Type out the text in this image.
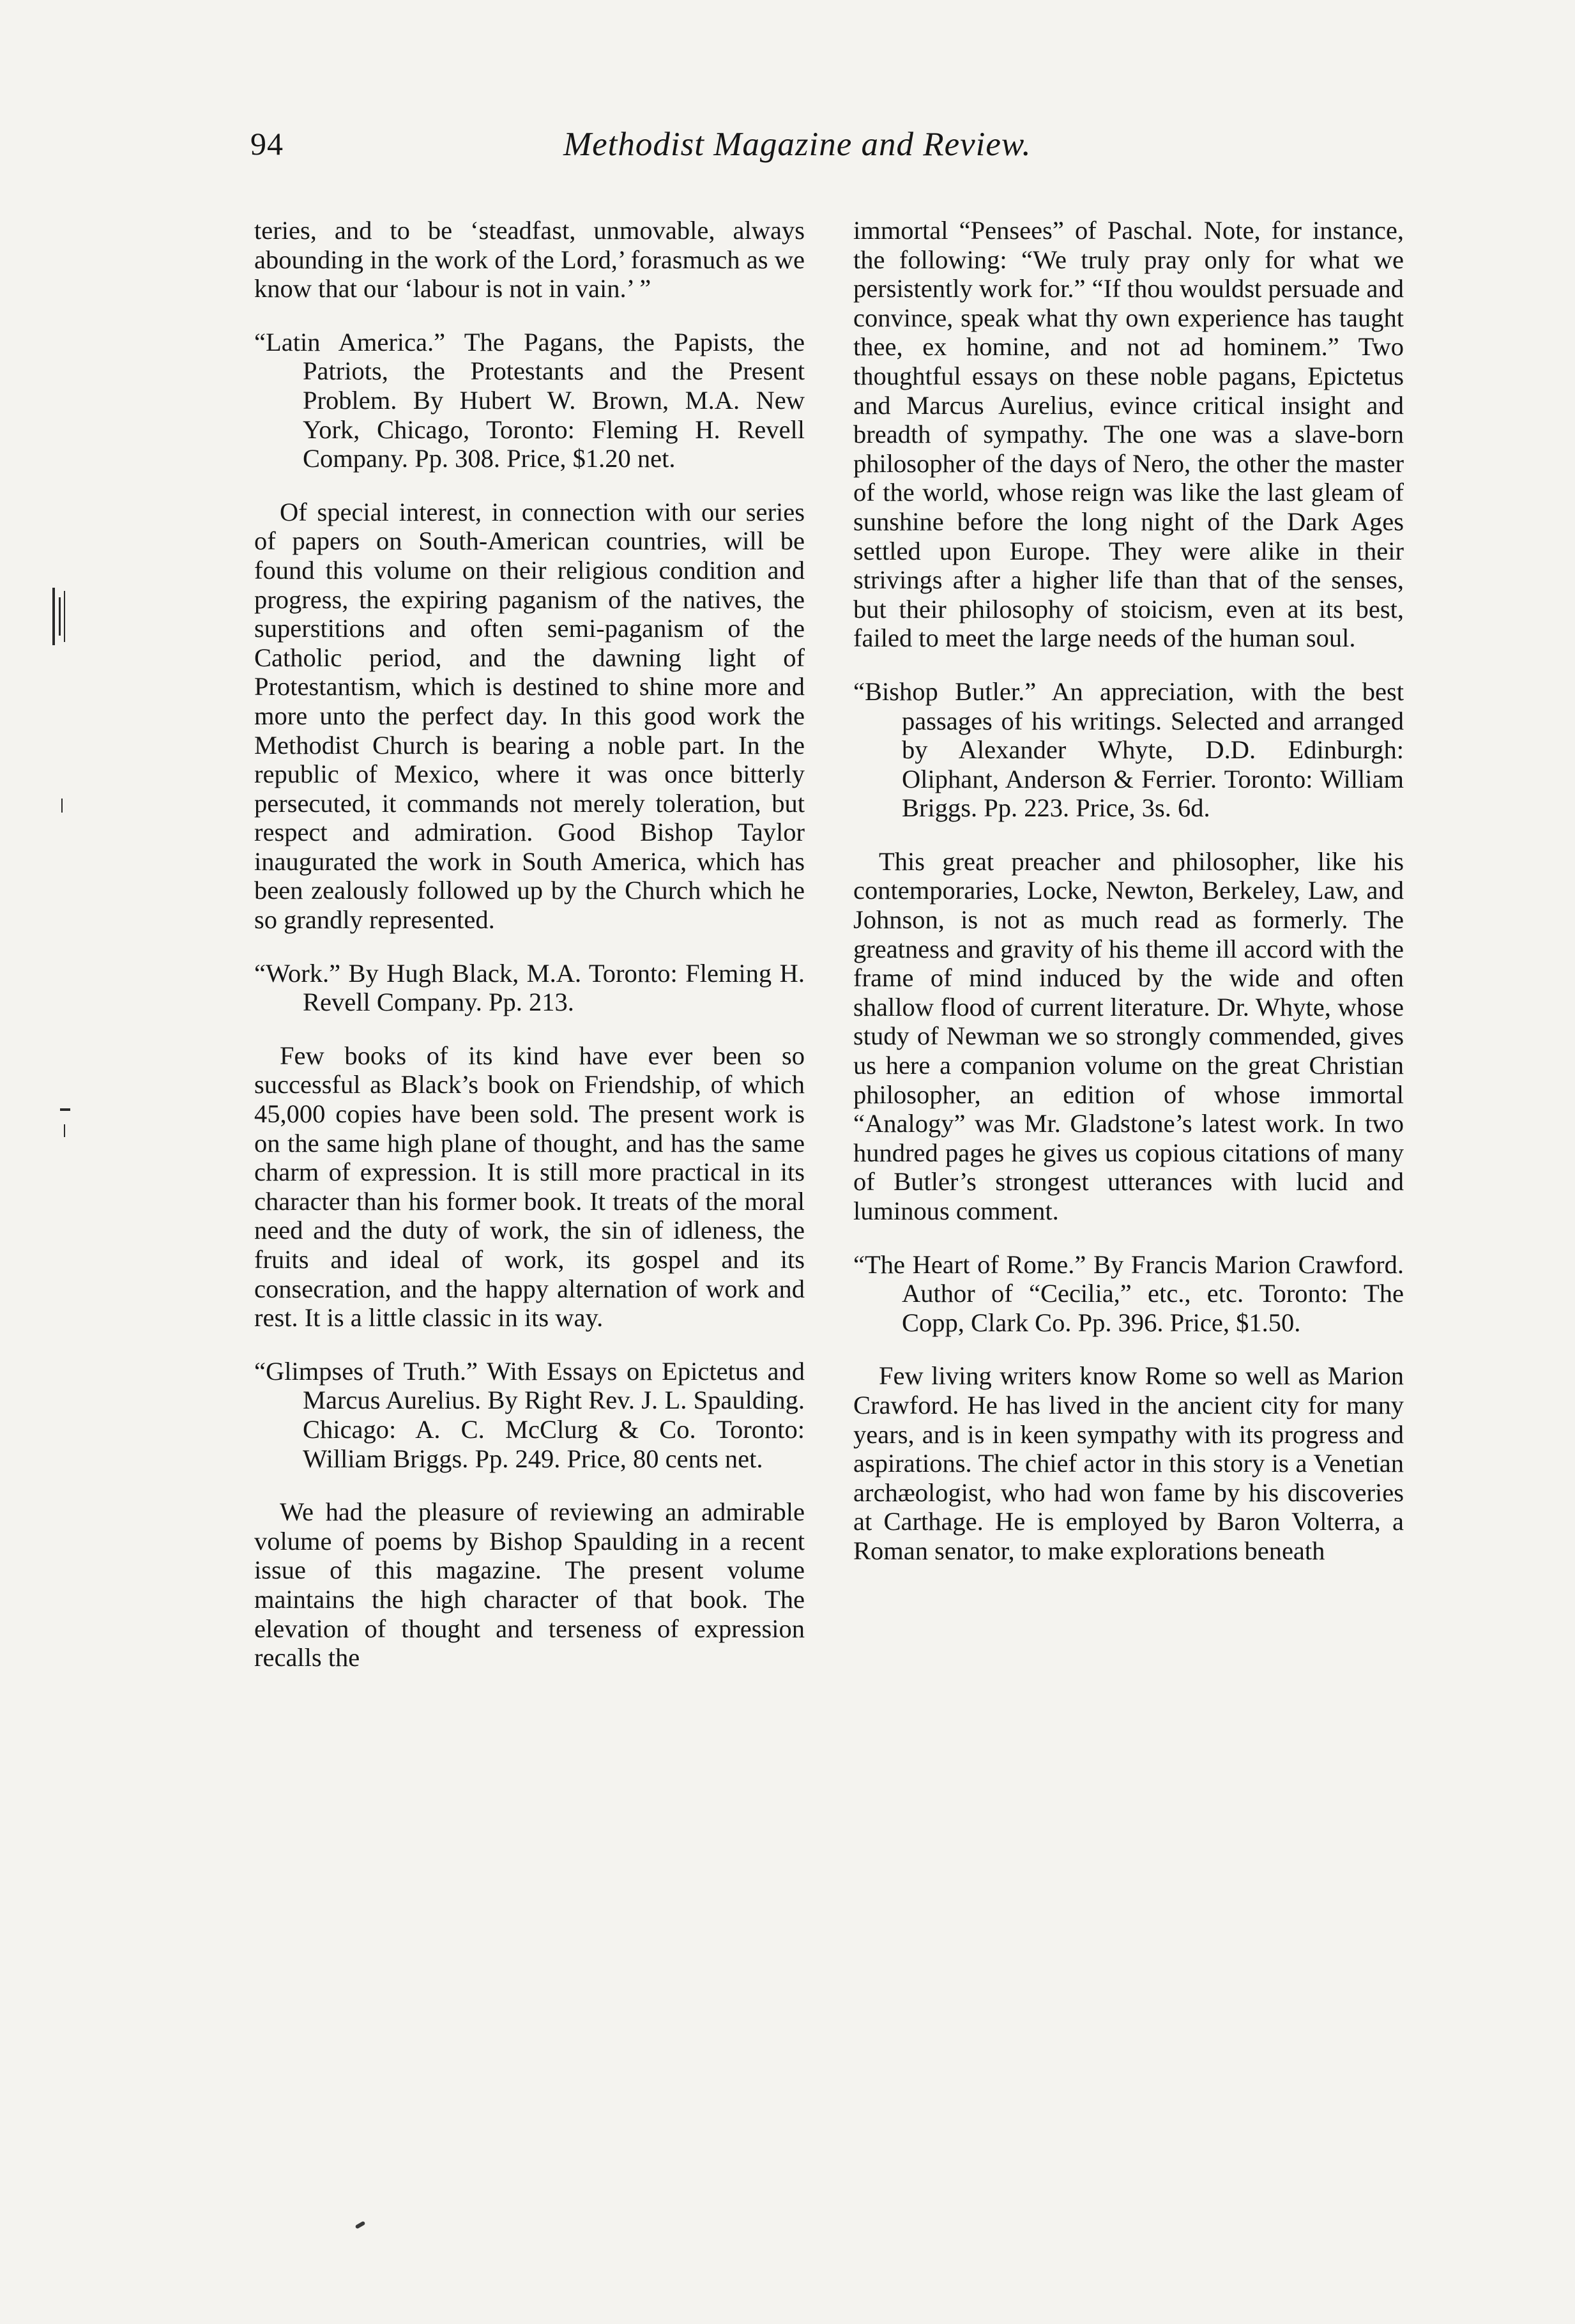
94	Methodist Magazine and Review.

teries, and to be ‘steadfast, unmovable, always abounding in the work of the Lord,’ forasmuch as we know that our ‘labour is not in vain.’ ”

“Latin America.” The Pagans, the Papists, the Patriots, the Protestants and the Present Problem. By Hubert W. Brown, M.A. New York, Chicago, Toronto: Fleming H. Revell Company. Pp. 308. Price, $1.20 net.

Of special interest, in connection with our series of papers on South-American countries, will be found this volume on their religious condition and progress, the expiring paganism of the natives, the superstitions and often semi-paganism of the Catholic period, and the dawning light of Protestantism, which is destined to shine more and more unto the perfect day. In this good work the Methodist Church is bearing a noble part. In the republic of Mexico, where it was once bitterly persecuted, it commands not merely toleration, but respect and admiration. Good Bishop Taylor inaugurated the work in South America, which has been zealously followed up by the Church which he so grandly represented.

“Work.” By Hugh Black, M.A. Toronto: Fleming H. Revell Company. Pp. 213.

Few books of its kind have ever been so successful as Black’s book on Friendship, of which 45,000 copies have been sold. The present work is on the same high plane of thought, and has the same charm of expression. It is still more practical in its character than his former book. It treats of the moral need and the duty of work, the sin of idleness, the fruits and ideal of work, its gospel and its consecration, and the happy alternation of work and rest. It is a little classic in its way.

“Glimpses of Truth.” With Essays on Epictetus and Marcus Aurelius. By Right Rev. J. L. Spaulding. Chicago: A. C. McClurg & Co. Toronto: William Briggs. Pp. 249. Price, 80 cents net.

We had the pleasure of reviewing an admirable volume of poems by Bishop Spaulding in a recent issue of this magazine. The present volume maintains the high character of that book. The elevation of thought and terseness of expression recalls the

immortal “Pensees” of Paschal. Note, for instance, the following: “We truly pray only for what we persistently work for.” “If thou wouldst persuade and convince, speak what thy own experience has taught thee, ex homine, and not ad hominem.” Two thoughtful essays on these noble pagans, Epictetus and Marcus Aurelius, evince critical insight and breadth of sympathy. The one was a slave-born philosopher of the days of Nero, the other the master of the world, whose reign was like the last gleam of sunshine before the long night of the Dark Ages settled upon Europe. They were alike in their strivings after a higher life than that of the senses, but their philosophy of stoicism, even at its best, failed to meet the large needs of the human soul.

“Bishop Butler.” An appreciation, with the best passages of his writings. Selected and arranged by Alexander Whyte, D.D. Edinburgh: Oliphant, Anderson & Ferrier. Toronto: William Briggs. Pp. 223. Price, 3s. 6d.

This great preacher and philosopher, like his contemporaries, Locke, Newton, Berkeley, Law, and Johnson, is not as much read as formerly. The greatness and gravity of his theme ill accord with the frame of mind induced by the wide and often shallow flood of current literature. Dr. Whyte, whose study of Newman we so strongly commended, gives us here a companion volume on the great Christian philosopher, an edition of whose immortal “Analogy” was Mr. Gladstone’s latest work. In two hundred pages he gives us copious citations of many of Butler’s strongest utterances with lucid and luminous comment.

“The Heart of Rome.” By Francis Marion Crawford. Author of “Cecilia,” etc., etc. Toronto: The Copp, Clark Co. Pp. 396. Price, $1.50.

Few living writers know Rome so well as Marion Crawford. He has lived in the ancient city for many years, and is in keen sympathy with its progress and aspirations. The chief actor in this story is a Venetian archæologist, who had won fame by his discoveries at Carthage. He is employed by Baron Volterra, a Roman senator, to make explorations beneath
